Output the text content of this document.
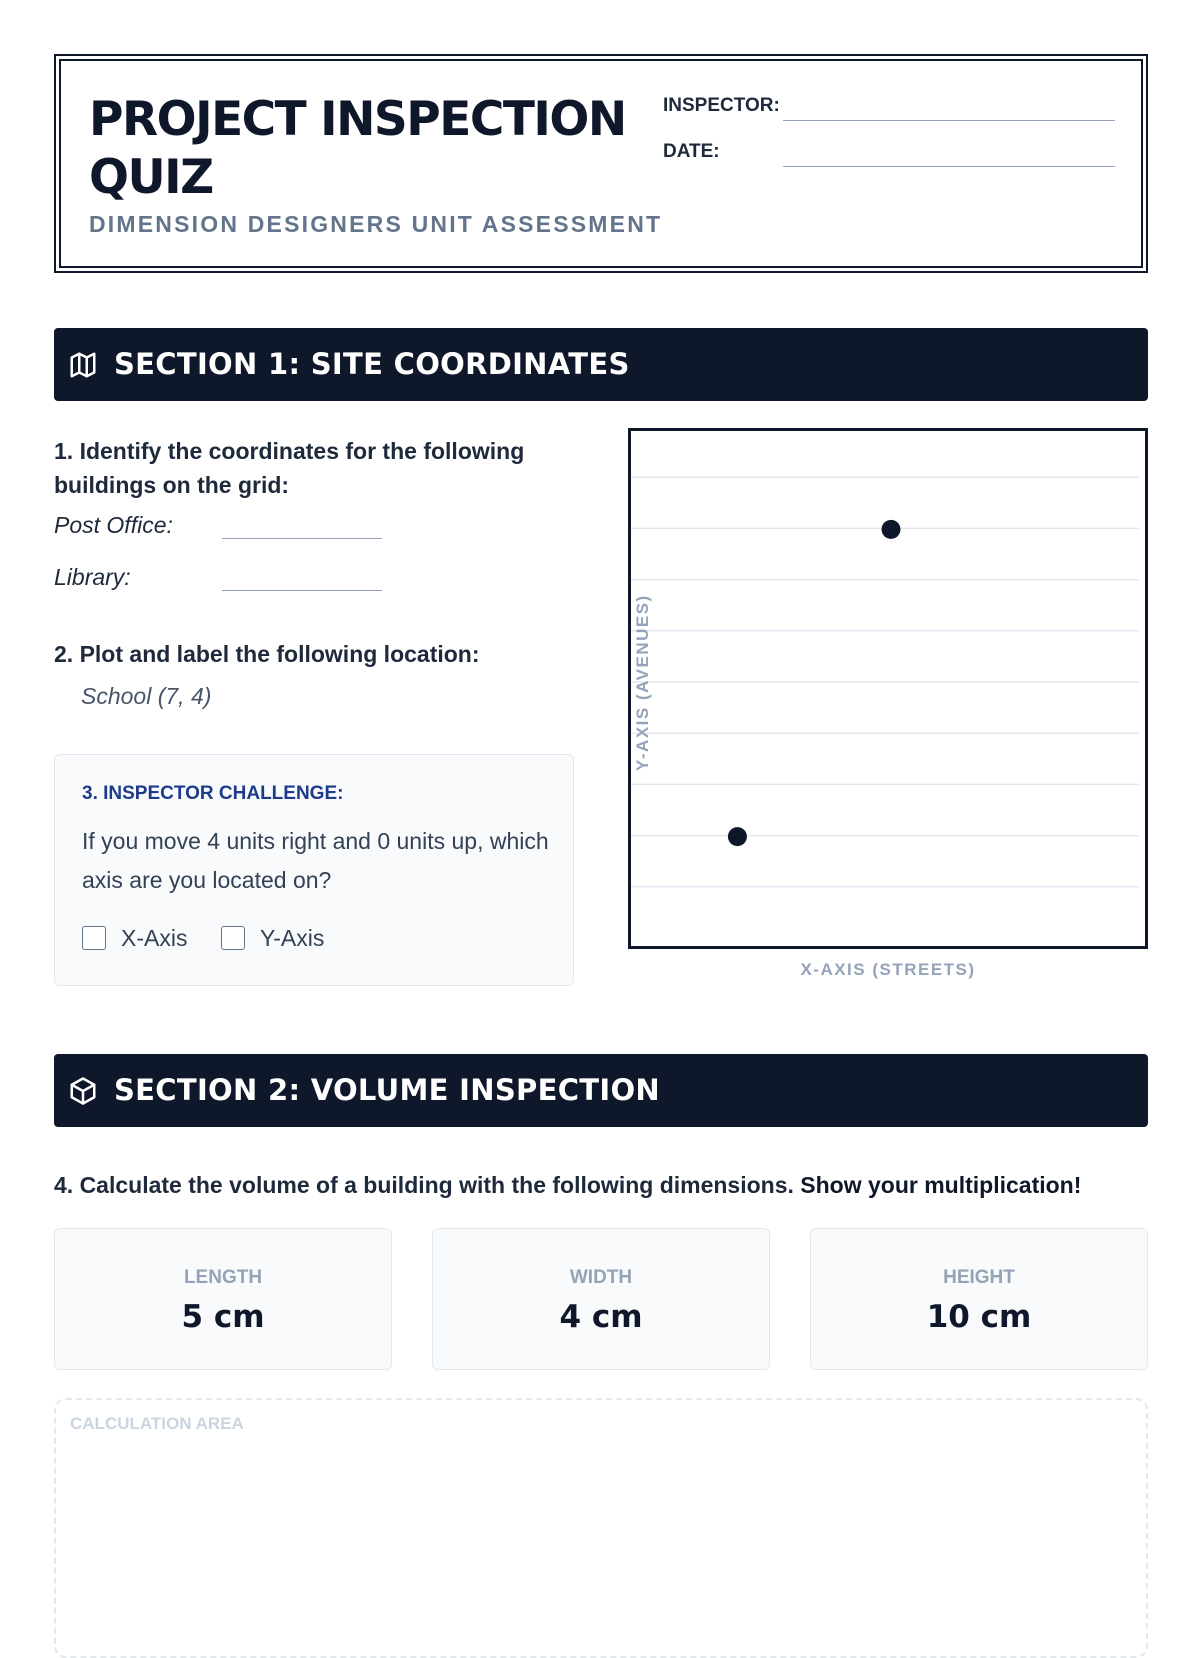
PROJECT INSPECTION QUIZ
DIMENSION DESIGNERS UNIT ASSESSMENT
INSPECTOR:
DATE:
SECTION 1: SITE COORDINATES
1. Identify the coordinates for the following buildings on the grid:
Post Office:
Library:
2. Plot and label the following location:
School (7, 4)
3. INSPECTOR CHALLENGE:
If you move 4 units right and 0 units up, which axis are you located on?
X-Axis	Y-Axis
Y-AXIS (AVENUES)
X-AXIS (STREETS)
SECTION 2: VOLUME INSPECTION
4. Calculate the volume of a building with the following dimensions. Show your multiplication!
LENGTH
5 cm
WIDTH
4 cm
HEIGHT
10 cm
CALCULATION AREA
